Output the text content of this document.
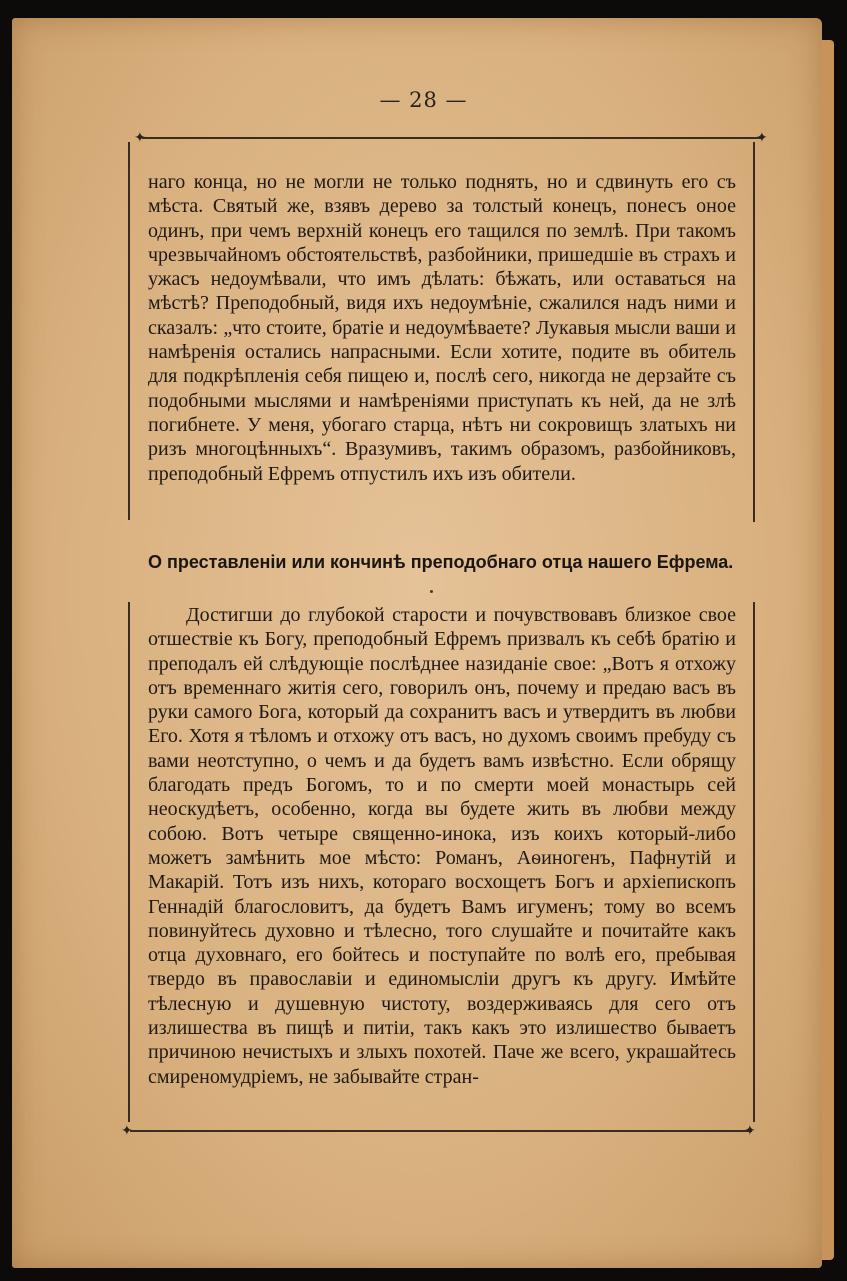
— 28 —
✦	✦
✦	✦

наго конца, но не могли не только поднять, но и сдвинуть его съ мѣста. Святый же, взявъ дерево за толстый конецъ, понесъ оное одинъ, при чемъ верхній конецъ его тащился по землѣ. При такомъ чрезвычайномъ обстоятельствѣ, разбойники, пришедшіе въ страхъ и ужасъ недоумѣвали, что имъ дѣлать: бѣжать, или оставаться на мѣстѣ? Преподобный, видя ихъ недоумѣніе, сжалился надъ ними и сказалъ: „что стоите, братіе и недоумѣваете? Лукавыя мысли ваши и намѣренія остались напрасными. Если хотите, подите въ обитель для подкрѣпленія себя пищею и, послѣ сего, никогда не дерзайте съ подобными мыслями и намѣреніями приступать къ ней, да не злѣ погибнете. У меня, убогаго старца, нѣтъ ни сокровищъ златыхъ ни ризъ многоцѣнныхъ“. Вразумивъ, такимъ образомъ, разбойниковъ, преподобный Ефремъ отпустилъ ихъ изъ обители.

О преставленіи или кончинѣ преподобнаго отца нашего Ефрема.

Достигши до глубокой старости и почувствовавъ близкое свое отшествіе къ Богу, преподобный Ефремъ призвалъ къ себѣ братію и преподалъ ей слѣдующіе послѣднее назиданіе свое: „Вотъ я отхожу отъ временнаго житія сего, говорилъ онъ, почему и предаю васъ въ руки самого Бога, который да сохранитъ васъ и утвердитъ въ любви Его. Хотя я тѣломъ и отхожу отъ васъ, но духомъ своимъ пребуду съ вами неотступно, о чемъ и да будетъ вамъ извѣстно. Если обрящу благодать предъ Богомъ, то и по смерти моей монастырь сей неоскудѣетъ, особенно, когда вы будете жить въ любви между собою. Вотъ четыре священно-инока, изъ коихъ который-либо можетъ замѣнить мое мѣсто: Романъ, Аѳиногенъ, Пафнутій и Макарій. Тотъ изъ нихъ, котораго восхощетъ Богъ и архіепископъ Геннадій благословитъ, да будетъ Вамъ игуменъ; тому во всемъ повинуйтесь духовно и тѣлесно, того слушайте и почитайте какъ отца духовнаго, его бойтесь и поступайте по волѣ его, пребывая твердо въ православіи и единомысліи другъ къ другу. Имѣйте тѣлесную и душевную чистоту, воздерживаясь для сего отъ излишества въ пищѣ и питіи, такъ какъ это излишество бываетъ причиною нечистыхъ и злыхъ похотей. Паче же всего, украшайтесь смиреномудріемъ, не забывайте стран-
